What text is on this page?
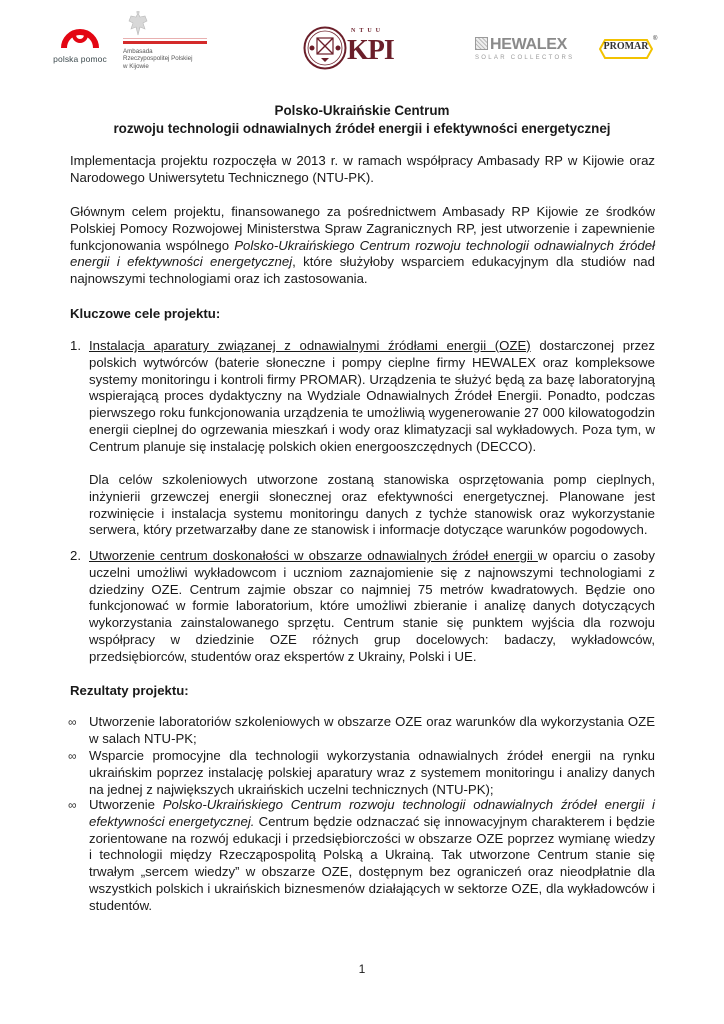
polska pomoc
Ambasada
Rzeczypospolitej Polskiej
w Kijowie
NTUU
KPI	HEWALEX
SOLAR COLLECTORS
PROMAR
®
Polsko-Ukraińskie Centrum
rozwoju technologii odnawialnych źródeł energii i efektywności energetycznej
Implementacja projektu rozpoczęła w 2013 r. w ramach współpracy Ambasady RP w Kijowie oraz Narodowego Uniwersytetu Technicznego (NTU-PK).
Głównym celem projektu, finansowanego za pośrednictwem Ambasady RP Kijowie ze środków Polskiej Pomocy Rozwojowej Ministerstwa Spraw Zagranicznych RP, jest utworzenie i zapewnienie funkcjonowania wspólnego Polsko-Ukraińskiego Centrum rozwoju technologii odnawialnych źródeł energii i efektywności energetycznej, które służyłoby wsparciem edukacyjnym dla studiów nad najnowszymi technologiami oraz ich zastosowania.
Kluczowe cele projektu:
1. Instalacja aparatury związanej z odnawialnymi źródłami energii (OZE) dostarczonej przez polskich wytwórców (baterie słoneczne i pompy cieplne firmy HEWALEX oraz kompleksowe systemy monitoringu i kontroli firmy PROMAR). Urządzenia te służyć będą za bazę laboratoryjną wspierającą proces dydaktyczny na Wydziale Odnawialnych Źródeł Energii. Ponadto, podczas pierwszego roku funkcjonowania urządzenia te umożliwią wygenerowanie 27 000 kilowatogodzin energii cieplnej do ogrzewania mieszkań i wody oraz klimatyzacji sal wykładowych. Poza tym, w Centrum planuje się instalację polskich okien energooszczędnych (DECCO).
Dla celów szkoleniowych utworzone zostaną stanowiska osprzętowania pomp cieplnych, inżynierii grzewczej energii słonecznej oraz efektywności energetycznej. Planowane jest rozwinięcie i instalacja systemu monitoringu danych z tychże stanowisk oraz wykorzystanie serwera, który przetwarzałby dane ze stanowisk i informacje dotyczące warunków pogodowych.
2. Utworzenie centrum doskonałości w obszarze odnawialnych źródeł energii w oparciu o zasoby uczelni umożliwi wykładowcom i uczniom zaznajomienie się z najnowszymi technologiami z dziedziny OZE. Centrum zajmie obszar co najmniej 75 metrów kwadratowych. Będzie ono funkcjonować w formie laboratorium, które umożliwi zbieranie i analizę danych dotyczących wykorzystania zainstalowanego sprzętu. Centrum stanie się punktem wyjścia dla rozwoju współpracy w dziedzinie OZE różnych grup docelowych: badaczy, wykładowców, przedsiębiorców, studentów oraz ekspertów z Ukrainy, Polski i UE.
Rezultaty projektu:
∞ Utworzenie laboratoriów szkoleniowych w obszarze OZE oraz warunków dla wykorzystania OZE w salach NTU-PK;
∞ Wsparcie promocyjne dla technologii wykorzystania odnawialnych źródeł energii na rynku ukraińskim poprzez instalację polskiej aparatury wraz z systemem monitoringu i analizy danych na jednej z największych ukraińskich uczelni technicznych (NTU-PK);
∞ Utworzenie Polsko-Ukraińskiego Centrum rozwoju technologii odnawialnych źródeł energii i efektywności energetycznej. Centrum będzie odznaczać się innowacyjnym charakterem i będzie zorientowane na rozwój edukacji i przedsiębiorczości w obszarze OZE poprzez wymianę wiedzy i technologii między Rzecząpospolitą Polską a Ukrainą. Tak utworzone Centrum stanie się trwałym „sercem wiedzy” w obszarze OZE, dostępnym bez ograniczeń oraz nieodpłatnie dla wszystkich polskich i ukraińskich biznesmenów działających w sektorze OZE, dla wykładowców i studentów.
1
